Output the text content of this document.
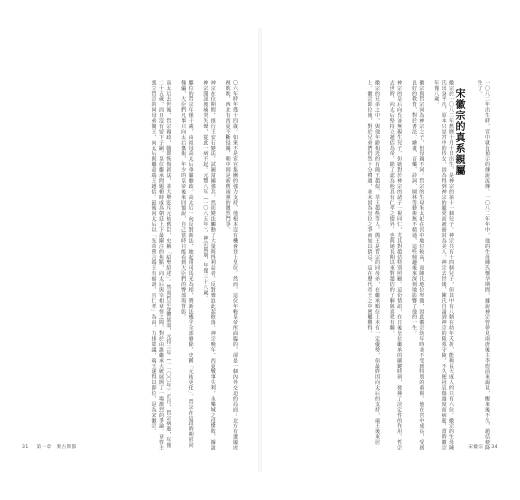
〇六年時年僅十四歲。如果不是宦官集團的強力支持，他根本沒有機會登上皇位。然而，這位年輕皇帝所面臨的，卻是一個內外交迫的局面：北方有遼國虎視眈眈，西北有西夏不斷侵擾，朝中則是新舊兩黨的激烈鬥爭。

神宗在位期間，推行王安石變法，試圖富國強兵。然而變法觸動了大量既得利益者，反對聲浪此起彼落。神宗晚年，西夏戰事失利，永樂城之役慘敗，據說神宗聞訊後痛哭失聲，從此一病不起。元豐八年（一〇八五年），神宗駕崩，年僅三十八歲。

繼位的哲宗年僅十歲，由祖母高太后垂簾聽政。高太后一向反對新法，她起用司馬光為相，將新法幾乎全部廢除，史稱「元祐更化」。哲宗在這段時期形同傀儡，大臣們凡事只向太后稟報，年少的皇帝後來回憶說，自己當時只能看到大臣們的臀部與背影。

高太后去世後，哲宗親政，隨即恢復新法，並大舉貶斥元祐舊臣，史稱「紹聖紹述」。然而哲宗身體孱弱，元符三年（一一〇〇年）正月，哲宗病逝，年僅二十五歲，而且沒有留下子嗣。皇位繼承問題頓時成為朝廷上下最關注的焦點，向太后與宰相章惇之間，對於由誰繼承大統展開了一場激烈的爭論。章惇主張立哲宗的同母弟簡王，向太后則屬意端王趙佶。最後向太后以「先帝嘗言端王有福壽，且仁孝」為由，力排眾議，端王遂得以即位，是為宋徽宗。
31 第一章　奧古斯都	一〇八二年出生時，宮中就有預示的傳說流傳。一〇八二年年中，他的生母陳氏懷孕期間，據說神宗曾夢見南唐後主李煜前來謁見，醒來後不久，趙佶便降生了。
宋徽宗的真系親屬
徽宗於一〇八二年舊曆十月十日出生，是神宗的第十一個兒子。神宗共有十四個兒子，但其中有八個在幼年夭折，能夠長大成人的只有六位。徽宗的生母陳氏出身平凡，原本只是宮中的侍女，因為得到神宗的寵愛而被冊封為美人。神宗去世後，陳氏自請到神宗的陵墓守陵，不久便因哀傷過度而病逝，當時徽宗年僅八歲。

徽宗與哲宗同為神宗之子，但母親不同。哲宗的生母朱太妃在宮中地位較高，而陳氏地位卑微，因此徽宗幼年時並不受到特別的重視。他在宮中成長，受到良好的教育，對於書法、繪畫、音樂、詩詞、園林等藝術無不精通，這些興趣後來深刻地影響了他的一生。

神宗的皇后向氏並無親生兒子，但她對於神宗的諸子一視同仁，尤其對趙佶特別照顧。這份情誼，在日後皇位繼承的關鍵時刻，發揮了決定性的作用。哲宗去世時，向太后堅持立趙佶為帝，除了認為他具有仁孝之德外，也與她長期以來對趙佶的了解與喜愛有關。

徽宗的兄弟之中，與他年齡相近的有簡王趙似、莘王趙俁等人。簡王是哲宗的同母弟，在繼承順位上本有一定優勢，但最終因向太后的支持，端王後來居上。徽宗即位後，對於兄弟們仍然十分禮遇，並未因為皇位之爭而加以猜忌，這在歷代帝王之中實屬難得。
宋徽宗 34
